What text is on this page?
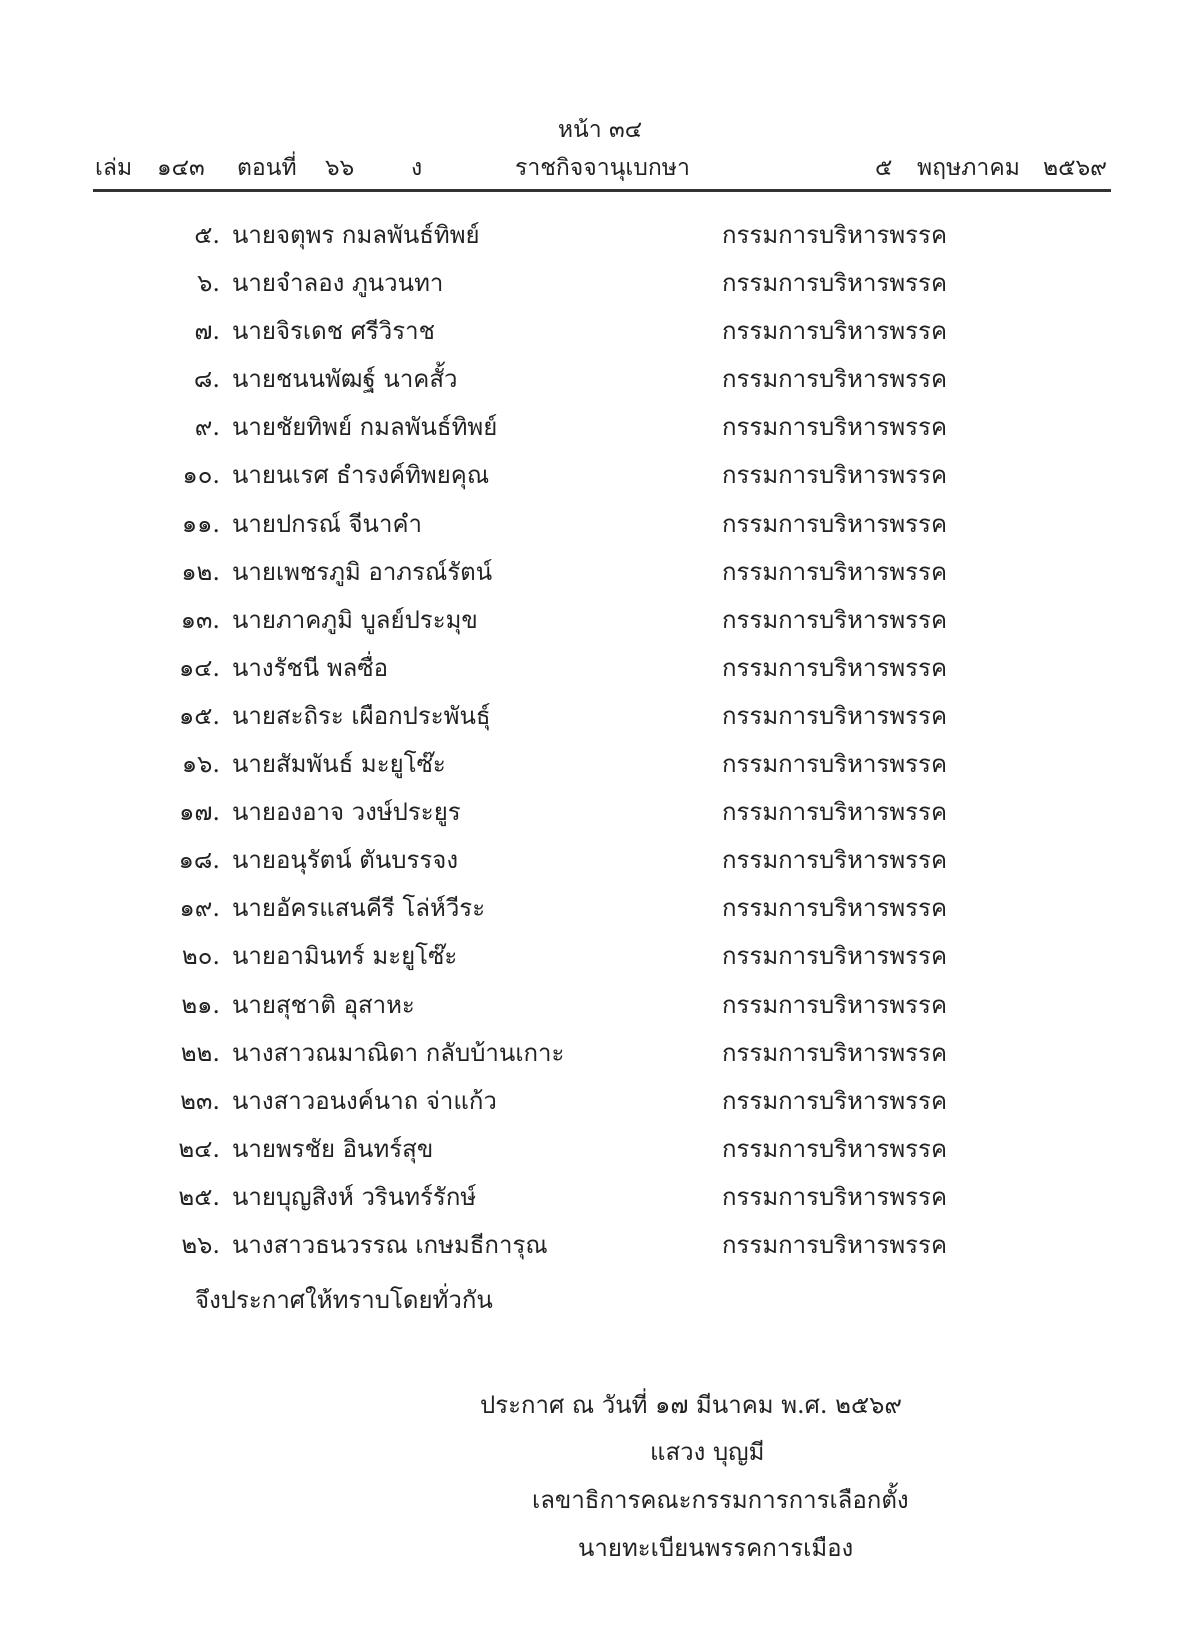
หน้า ๓๔
เล่ม ๑๔๓ ตอนที่ ๖๖ ง	ราชกิจจานุเบกษา	๕ พฤษภาคม ๒๕๖๙
๕. นายจตุพร กมลพันธ์ทิพย์	กรรมการบริหารพรรค
๖. นายจำลอง ภูนวนทา	กรรมการบริหารพรรค
๗. นายจิรเดช ศรีวิราช	กรรมการบริหารพรรค
๘. นายชนนพัฒฐ์ นาคสั้ว	กรรมการบริหารพรรค
๙. นายชัยทิพย์ กมลพันธ์ทิพย์	กรรมการบริหารพรรค
๑๐. นายนเรศ ธำรงค์ทิพยคุณ	กรรมการบริหารพรรค
๑๑. นายปกรณ์ จีนาคำ	กรรมการบริหารพรรค
๑๒. นายเพชรภูมิ อาภรณ์รัตน์	กรรมการบริหารพรรค
๑๓. นายภาคภูมิ บูลย์ประมุข	กรรมการบริหารพรรค
๑๔. นางรัชนี พลซื่อ	กรรมการบริหารพรรค
๑๕. นายสะถิระ เผือกประพันธุ์	กรรมการบริหารพรรค
๑๖. นายสัมพันธ์ มะยูโซ๊ะ	กรรมการบริหารพรรค
๑๗. นายองอาจ วงษ์ประยูร	กรรมการบริหารพรรค
๑๘. นายอนุรัตน์ ตันบรรจง	กรรมการบริหารพรรค
๑๙. นายอัครแสนคีรี โล่ห์วีระ	กรรมการบริหารพรรค
๒๐. นายอามินทร์ มะยูโซ๊ะ	กรรมการบริหารพรรค
๒๑. นายสุชาติ อุสาหะ	กรรมการบริหารพรรค
๒๒. นางสาวณมาณิดา กลับบ้านเกาะ	กรรมการบริหารพรรค
๒๓. นางสาวอนงค์นาถ จ่าแก้ว	กรรมการบริหารพรรค
๒๔. นายพรชัย อินทร์สุข	กรรมการบริหารพรรค
๒๕. นายบุญสิงห์ วรินทร์รักษ์	กรรมการบริหารพรรค
๒๖. นางสาวธนวรรณ เกษมธีการุณ	กรรมการบริหารพรรค
จึงประกาศให้ทราบโดยทั่วกัน
ประกาศ ณ วันที่ ๑๗ มีนาคม พ.ศ. ๒๕๖๙
แสวง บุญมี
เลขาธิการคณะกรรมการการเลือกตั้ง
นายทะเบียนพรรคการเมือง
